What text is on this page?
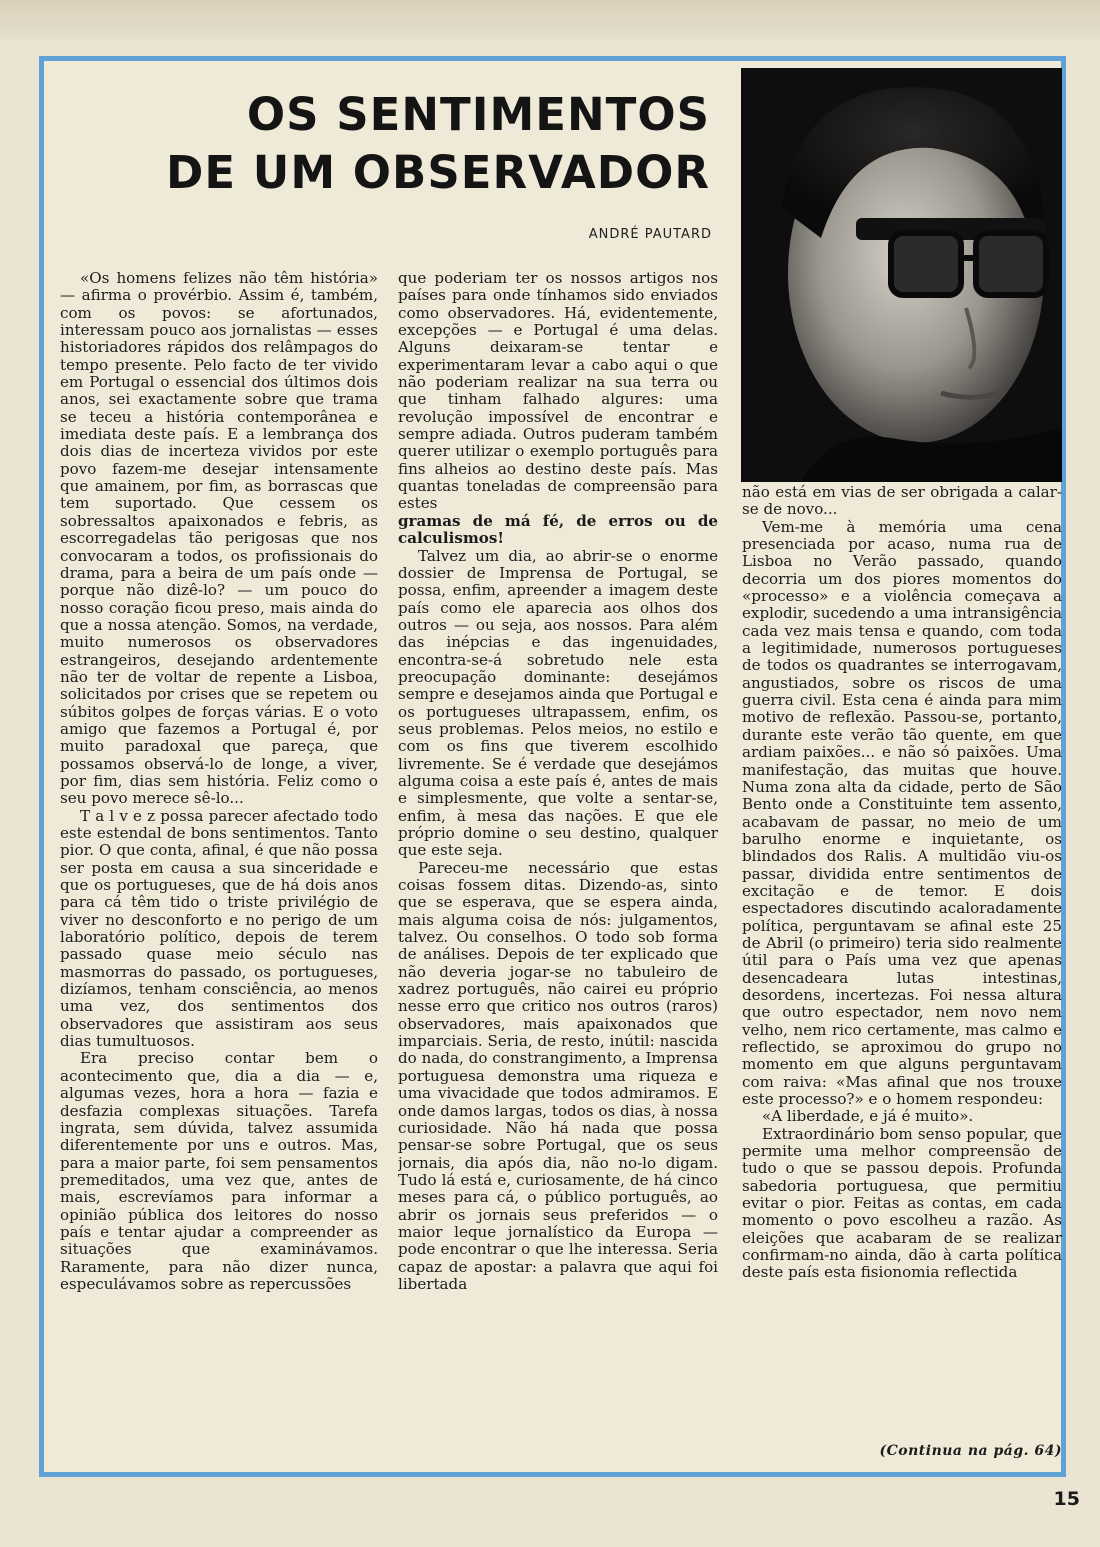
OS SENTIMENTOS
DE UM OBSERVADOR
ANDRÉ PAUTARD

«Os homens felizes não têm história» — afirma o provérbio. Assim é, também, com os povos: se afortunados, interessam pouco aos jornalistas — esses historiadores rápidos dos relâmpagos do tempo presente. Pelo facto de ter vivido em Portugal o essencial dos últimos dois anos, sei exactamente sobre que trama se teceu a história contemporânea e imediata deste país. E a lembrança dos dois dias de incerteza vividos por este povo fazem-me desejar intensamente que amainem, por fim, as borrascas que tem suportado. Que cessem os sobressaltos apaixonados e febris, as escorregadelas tão perigosas que nos convocaram a todos, os profissionais do drama, para a beira de um país onde — porque não dizê-lo? — um pouco do nosso coração ficou preso, mais ainda do que a nossa atenção. Somos, na verdade, muito numerosos os observadores estrangeiros, desejando ardentemente não ter de voltar de repente a Lisboa, solicitados por crises que se repetem ou súbitos golpes de forças várias. E o voto amigo que fazemos a Portugal é, por muito paradoxal que pareça, que possamos observá-lo de longe, a viver, por fim, dias sem história. Feliz como o seu povo merece sê-lo...

T a l v e z possa parecer afectado todo este estendal de bons sentimentos. Tanto pior. O que conta, afinal, é que não possa ser posta em causa a sua sinceridade e que os portugueses, que de há dois anos para cá têm tido o triste privilégio de viver no desconforto e no perigo de um laboratório político, depois de terem passado quase meio século nas masmorras do passado, os portugueses, dizíamos, tenham consciência, ao menos uma vez, dos sentimentos dos observadores que assistiram aos seus dias tumultuosos.

Era preciso contar bem o acontecimento que, dia a dia — e, algumas vezes, hora a hora — fazia e desfazia complexas situações. Tarefa ingrata, sem dúvida, talvez assumida diferentemente por uns e outros. Mas, para a maior parte, foi sem pensamentos premeditados, uma vez que, antes de mais, escrevíamos para informar a opinião pública dos leitores do nosso país e tentar ajudar a compreender as situações que examinávamos. Raramente, para não dizer nunca, especulávamos sobre as repercussões

que poderiam ter os nossos artigos nos países para onde tínhamos sido enviados como observadores. Há, evidentemente, excepções — e Portugal é uma delas. Alguns deixaram-se tentar e experimentaram levar a cabo aqui o que não poderiam realizar na sua terra ou que tinham falhado algures: uma revolução impossível de encontrar e sempre adiada. Outros puderam também querer utilizar o exemplo português para fins alheios ao destino deste país. Mas quantas toneladas de compreensão para estes

gramas de má fé, de erros ou de calculismos!

Talvez um dia, ao abrir-se o enorme dossier de Imprensa de Portugal, se possa, enfim, apreender a imagem deste país como ele aparecia aos olhos dos outros — ou seja, aos nossos. Para além das inépcias e das ingenuidades, encontra-se-á sobretudo nele esta preocupação dominante: desejámos sempre e desejamos ainda que Portugal e os portugueses ultrapassem, enfim, os seus problemas. Pelos meios, no estilo e com os fins que tiverem escolhido livremente. Se é verdade que desejámos alguma coisa a este país é, antes de mais e simplesmente, que volte a sentar-se, enfim, à mesa das nações. E que ele próprio domine o seu destino, qualquer que este seja.

Pareceu-me necessário que estas coisas fossem ditas. Dizendo-as, sinto que se esperava, que se espera ainda, mais alguma coisa de nós: julgamentos, talvez. Ou conselhos. O todo sob forma de análises. Depois de ter explicado que não deveria jogar-se no tabuleiro de xadrez português, não cairei eu próprio nesse erro que critico nos outros (raros) observadores, mais apaixonados que imparciais. Seria, de resto, inútil: nascida do nada, do constrangimento, a Imprensa portuguesa demonstra uma riqueza e uma vivacidade que todos admiramos. E onde damos largas, todos os dias, à nossa curiosidade. Não há nada que possa pensar-se sobre Portugal, que os seus jornais, dia após dia, não no-lo digam. Tudo lá está e, curiosamente, de há cinco meses para cá, o público português, ao abrir os jornais seus preferidos — o maior leque jornalístico da Europa — pode encontrar o que lhe interessa. Seria capaz de apostar: a palavra que aqui foi libertada

não está em vias de ser obrigada a calar-se de novo...

Vem-me à memória uma cena presenciada por acaso, numa rua de Lisboa no Verão passado, quando decorria um dos piores momentos do «processo» e a violência começava a explodir, sucedendo a uma intransigência cada vez mais tensa e quando, com toda a legitimidade, numerosos portugueses de todos os quadrantes se interrogavam, angustiados, sobre os riscos de uma guerra civil. Esta cena é ainda para mim motivo de reflexão. Passou-se, portanto, durante este verão tão quente, em que ardiam paixões... e não só paixões. Uma manifestação, das muitas que houve. Numa zona alta da cidade, perto de São Bento onde a Constituinte tem assento, acabavam de passar, no meio de um barulho enorme e inquietante, os blindados dos Ralis. A multidão viu-os passar, dividida entre sentimentos de excitação e de temor. E dois espectadores discutindo acaloradamente política, perguntavam se afinal este 25 de Abril (o primeiro) teria sido realmente útil para o País uma vez que apenas desencadeara lutas intestinas, desordens, incertezas. Foi nessa altura que outro espectador, nem novo nem velho, nem rico certamente, mas calmo e reflectido, se aproximou do grupo no momento em que alguns perguntavam com raiva: «Mas afinal que nos trouxe este processo?» e o homem respondeu:

«A liberdade, e já é muito».

Extraordinário bom senso popular, que permite uma melhor compreensão de tudo o que se passou depois. Profunda sabedoria portuguesa, que permitiu evitar o pior. Feitas as contas, em cada momento o povo escolheu a razão. As eleições que acabaram de se realizar confirmam-no ainda, dão à carta política deste país esta fisionomia reflectida

(Continua na pág. 64)
15
